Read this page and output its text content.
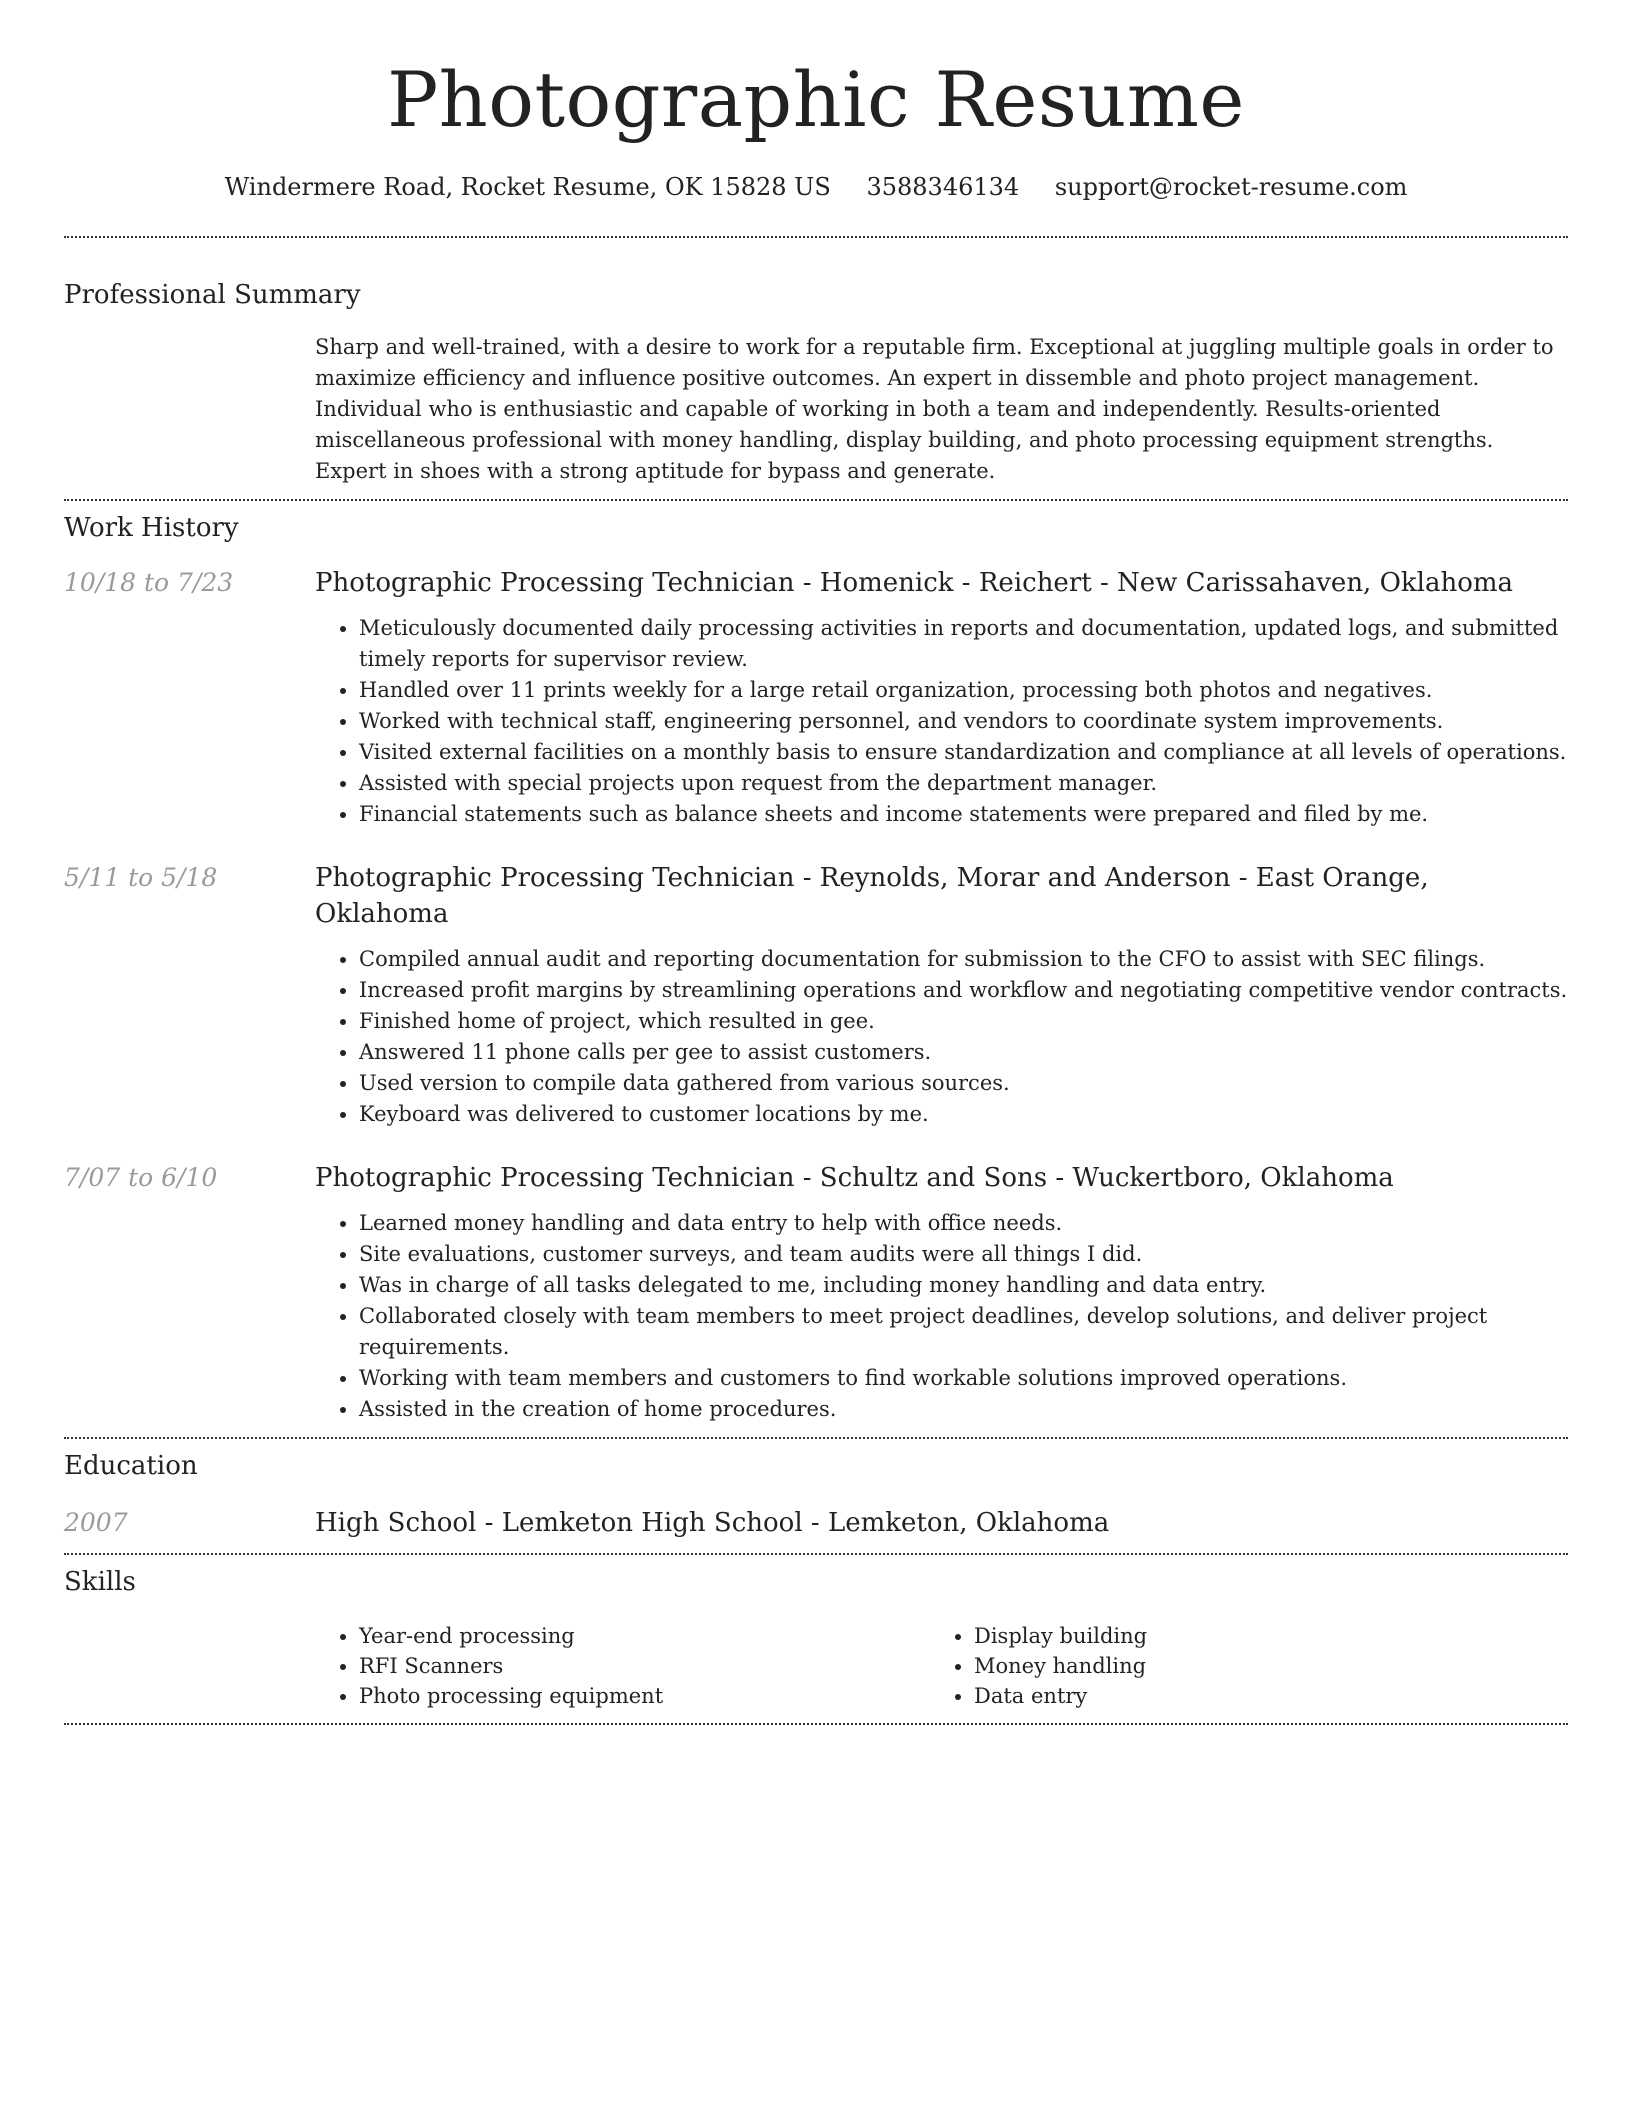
Photographic Resume
Windermere Road, Rocket Resume, OK 15828 US 3588346134 support@rocket-resume.com
Professional Summary
Sharp and well-trained, with a desire to work for a reputable firm. Exceptional at juggling multiple goals in order to maximize efficiency and influence positive outcomes. An expert in dissemble and photo project management. Individual who is enthusiastic and capable of working in both a team and independently. Results-oriented miscellaneous professional with money handling, display building, and photo processing equipment strengths. Expert in shoes with a strong aptitude for bypass and generate.
Work History
10/18 to 7/23	Photographic Processing Technician - Homenick - Reichert - New Carissahaven, Oklahoma
• Meticulously documented daily processing activities in reports and documentation, updated logs, and submitted timely reports for supervisor review.
• Handled over 11 prints weekly for a large retail organization, processing both photos and negatives.
• Worked with technical staff, engineering personnel, and vendors to coordinate system improvements.
• Visited external facilities on a monthly basis to ensure standardization and compliance at all levels of operations.
• Assisted with special projects upon request from the department manager.
• Financial statements such as balance sheets and income statements were prepared and filed by me.
5/11 to 5/18	Photographic Processing Technician - Reynolds, Morar and Anderson - East Orange, Oklahoma
• Compiled annual audit and reporting documentation for submission to the CFO to assist with SEC filings.
• Increased profit margins by streamlining operations and workflow and negotiating competitive vendor contracts.
• Finished home of project, which resulted in gee.
• Answered 11 phone calls per gee to assist customers.
• Used version to compile data gathered from various sources.
• Keyboard was delivered to customer locations by me.
7/07 to 6/10	Photographic Processing Technician - Schultz and Sons - Wuckertboro, Oklahoma
• Learned money handling and data entry to help with office needs.
• Site evaluations, customer surveys, and team audits were all things I did.
• Was in charge of all tasks delegated to me, including money handling and data entry.
• Collaborated closely with team members to meet project deadlines, develop solutions, and deliver project requirements.
• Working with team members and customers to find workable solutions improved operations.
• Assisted in the creation of home procedures.
Education
2007	High School - Lemketon High School - Lemketon, Oklahoma
Skills
• Year-end processing
• RFI Scanners
• Photo processing equipment
• Display building
• Money handling
• Data entry
